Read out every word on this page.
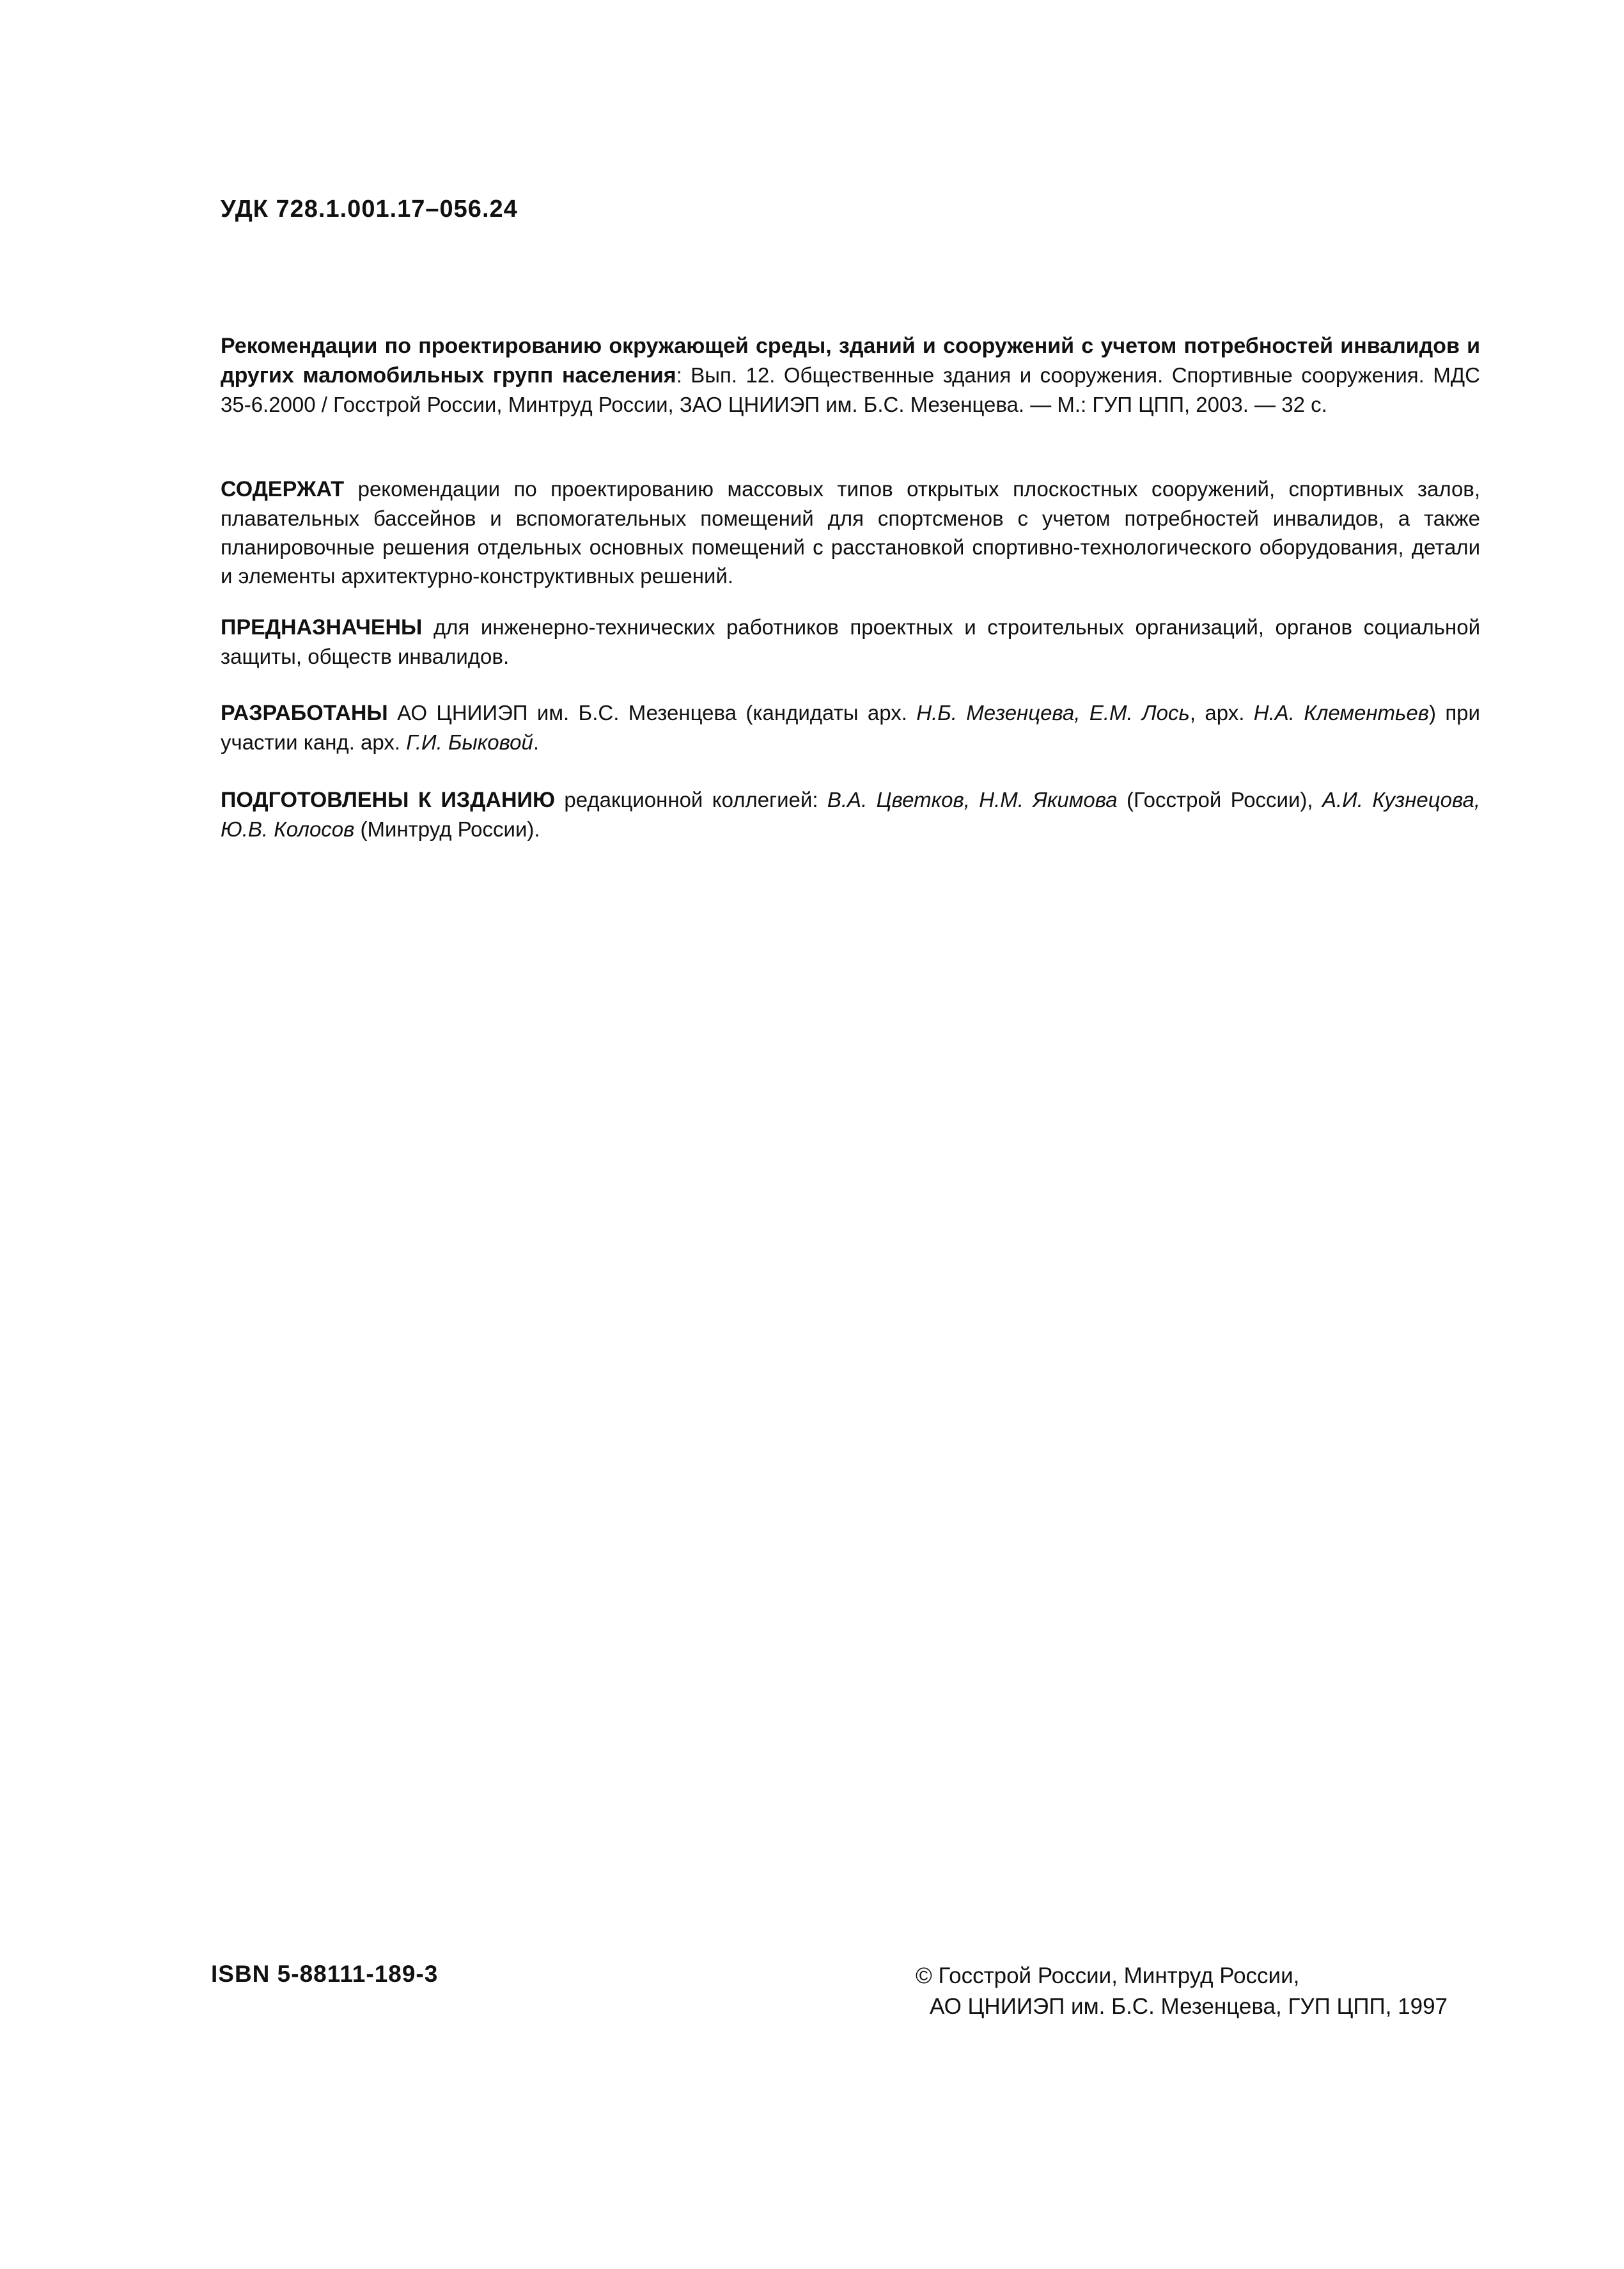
УДК 728.1.001.17–056.24
Рекомендации по проектированию окружающей среды, зданий и сооружений с учетом потребностей инвалидов и других маломобильных групп населения: Вып. 12. Общественные здания и сооружения. Спортивные сооружения. МДС 35-6.2000 / Госстрой России, Минтруд России, ЗАО ЦНИИЭП им. Б.С. Мезенцева. — М.: ГУП ЦПП, 2003. — 32 с.
СОДЕРЖАТ рекомендации по проектированию массовых типов открытых плоскостных сооружений, спортивных залов, плавательных бассейнов и вспомогательных помещений для спортсменов с учетом потребностей инвалидов, а также планировочные решения отдельных основных помещений с расстановкой спортивно-технологического оборудования, детали и элементы архитектурно-конструктивных решений.
ПРЕДНАЗНАЧЕНЫ для инженерно-технических работников проектных и строительных организаций, органов социальной защиты, обществ инвалидов.
РАЗРАБОТАНЫ АО ЦНИИЭП им. Б.С. Мезенцева (кандидаты арх. Н.Б. Мезенцева, Е.М. Лось, арх. Н.А. Клементьев) при участии канд. арх. Г.И. Быковой.
ПОДГОТОВЛЕНЫ К ИЗДАНИЮ редакционной коллегией: В.А. Цветков, Н.М. Якимова (Госстрой России), А.И. Кузнецова, Ю.В. Колосов (Минтруд России).
ISBN 5-88111-189-3	© Госстрой России, Минтруд России,
АО ЦНИИЭП им. Б.С. Мезенцева, ГУП ЦПП, 1997
